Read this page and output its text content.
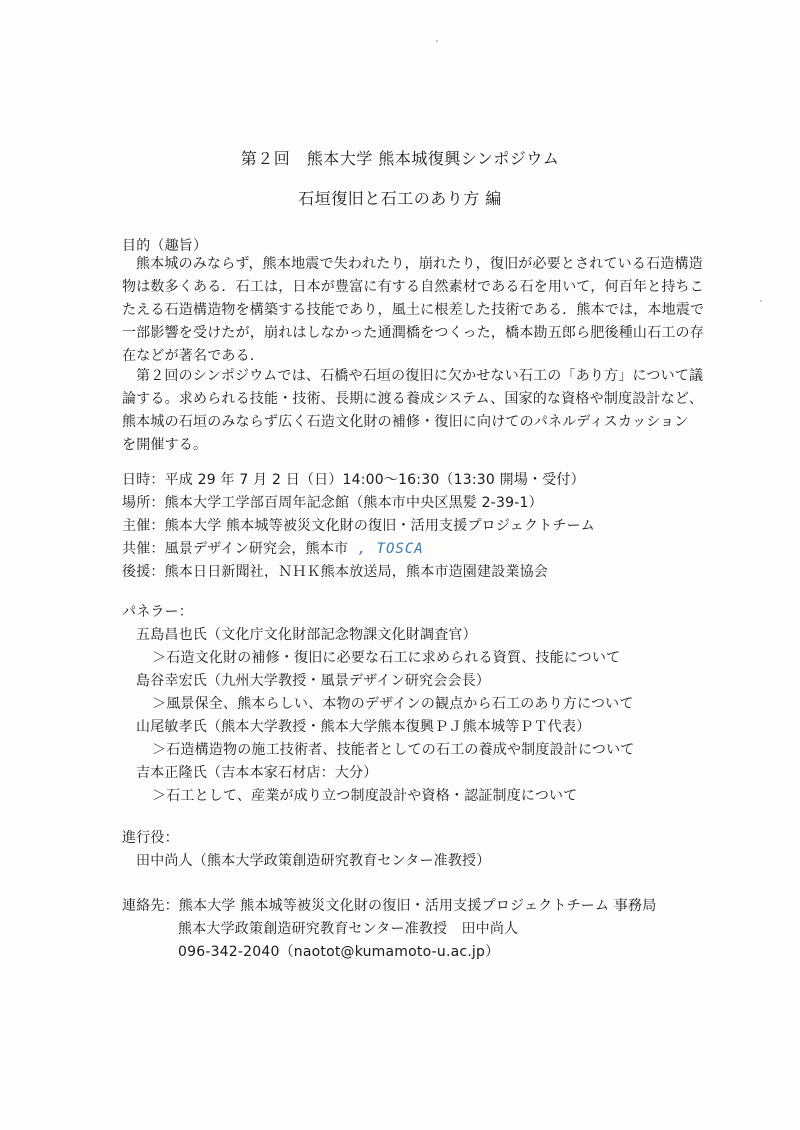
第２回　熊本大学 熊本城復興シンポジウム
石垣復旧と石工のあり方 編
目的（趣旨）
熊本城のみならず，熊本地震で失われたり，崩れたり，復旧が必要とされている石造構造
物は数多くある．石工は，日本が豊富に有する自然素材である石を用いて，何百年と持ちこ
たえる石造構造物を構築する技能であり，風土に根差した技術である．熊本では，本地震で
一部影響を受けたが，崩れはしなかった通潤橋をつくった，橋本勘五郎ら肥後種山石工の存
在などが著名である．
第２回のシンポジウムでは、石橋や石垣の復旧に欠かせない石工の「あり方」について議
論する。求められる技能・技術、長期に渡る養成システム、国家的な資格や制度設計など、
熊本城の石垣のみならず広く石造文化財の補修・復旧に向けてのパネルディスカッション
を開催する。
日時：平成 29 年 7 月 2 日（日）14:00〜16:30（13:30 開場・受付）
場所：熊本大学工学部百周年記念館（熊本市中央区黒髪 2-39-1）
主催：熊本大学 熊本城等被災文化財の復旧・活用支援プロジェクトチーム
共催：風景デザイン研究会，熊本市 , TOSCA
後援：熊本日日新聞社，ＮＨＫ熊本放送局，熊本市造園建設業協会
パネラー：
五島昌也氏（文化庁文化財部記念物課文化財調査官）
＞石造文化財の補修・復旧に必要な石工に求められる資質、技能について
島谷幸宏氏（九州大学教授・風景デザイン研究会会長）
＞風景保全、熊本らしい、本物のデザインの観点から石工のあり方について
山尾敏孝氏（熊本大学教授・熊本大学熊本復興ＰＪ熊本城等ＰＴ代表）
＞石造構造物の施工技術者、技能者としての石工の養成や制度設計について
吉本正隆氏（吉本本家石材店：大分）
＞石工として、産業が成り立つ制度設計や資格・認証制度について
進行役：
田中尚人（熊本大学政策創造研究教育センター准教授）
連絡先：熊本大学 熊本城等被災文化財の復旧・活用支援プロジェクトチーム 事務局
熊本大学政策創造研究教育センター准教授　田中尚人
096-342-2040（naotot@kumamoto-u.ac.jp）
